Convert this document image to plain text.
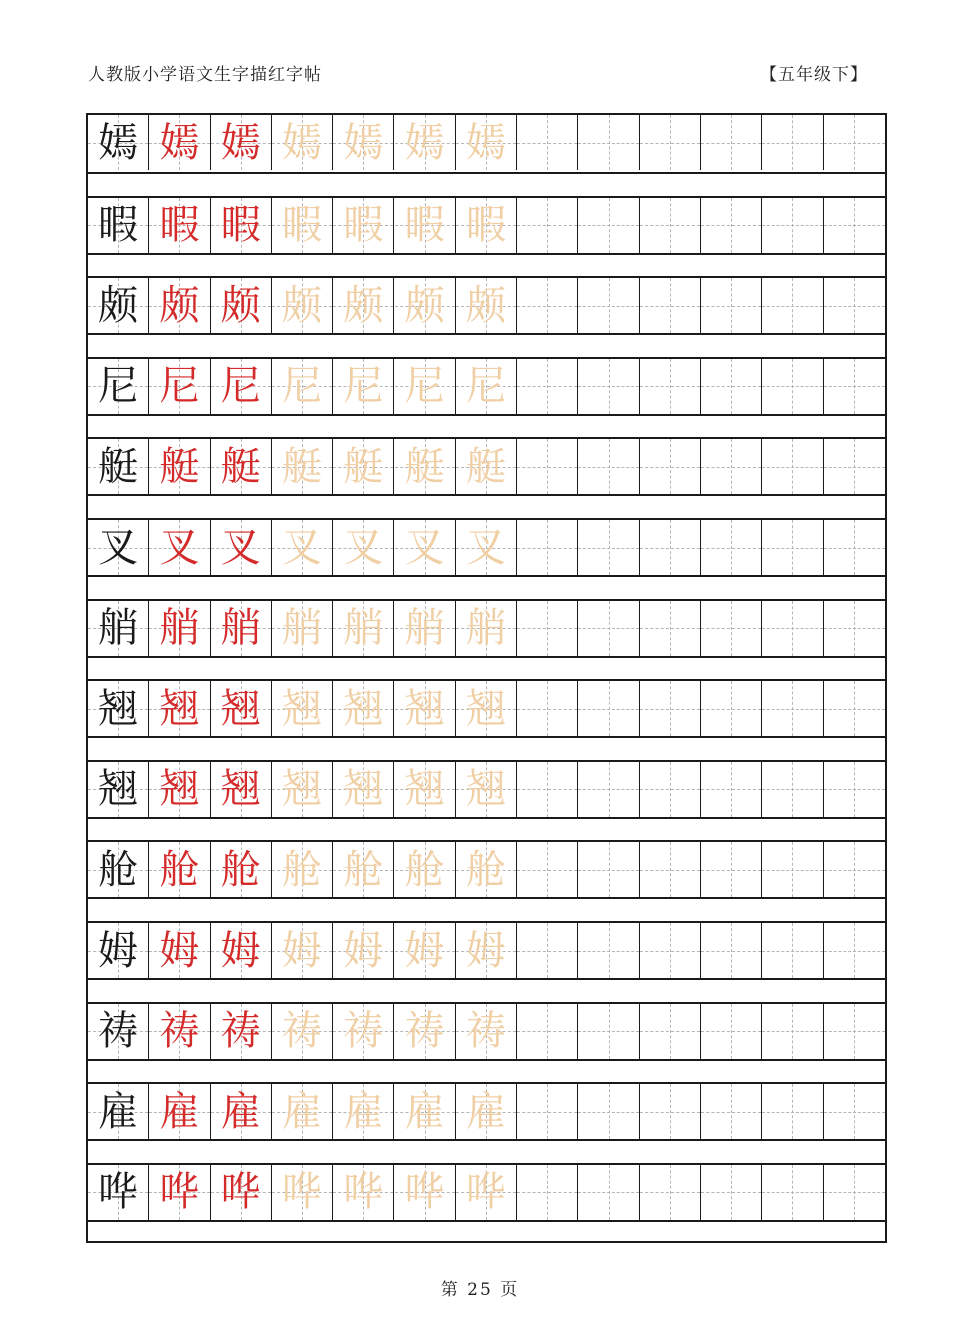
人教版小学语文生字描红字帖	【五年级下】
嫣 嫣 嫣 嫣 嫣 嫣 嫣
暇 暇 暇 暇 暇 暇 暇
颇 颇 颇 颇 颇 颇 颇
尼 尼 尼 尼 尼 尼 尼
艇 艇 艇 艇 艇 艇 艇
叉 叉 叉 叉 叉 叉 叉
艄 艄 艄 艄 艄 艄 艄
翘 翘 翘 翘 翘 翘 翘
翘 翘 翘 翘 翘 翘 翘
舱 舱 舱 舱 舱 舱 舱
姆 姆 姆 姆 姆 姆 姆
祷 祷 祷 祷 祷 祷 祷
雇 雇 雇 雇 雇 雇 雇
哗 哗 哗 哗 哗 哗 哗
第 25 页
